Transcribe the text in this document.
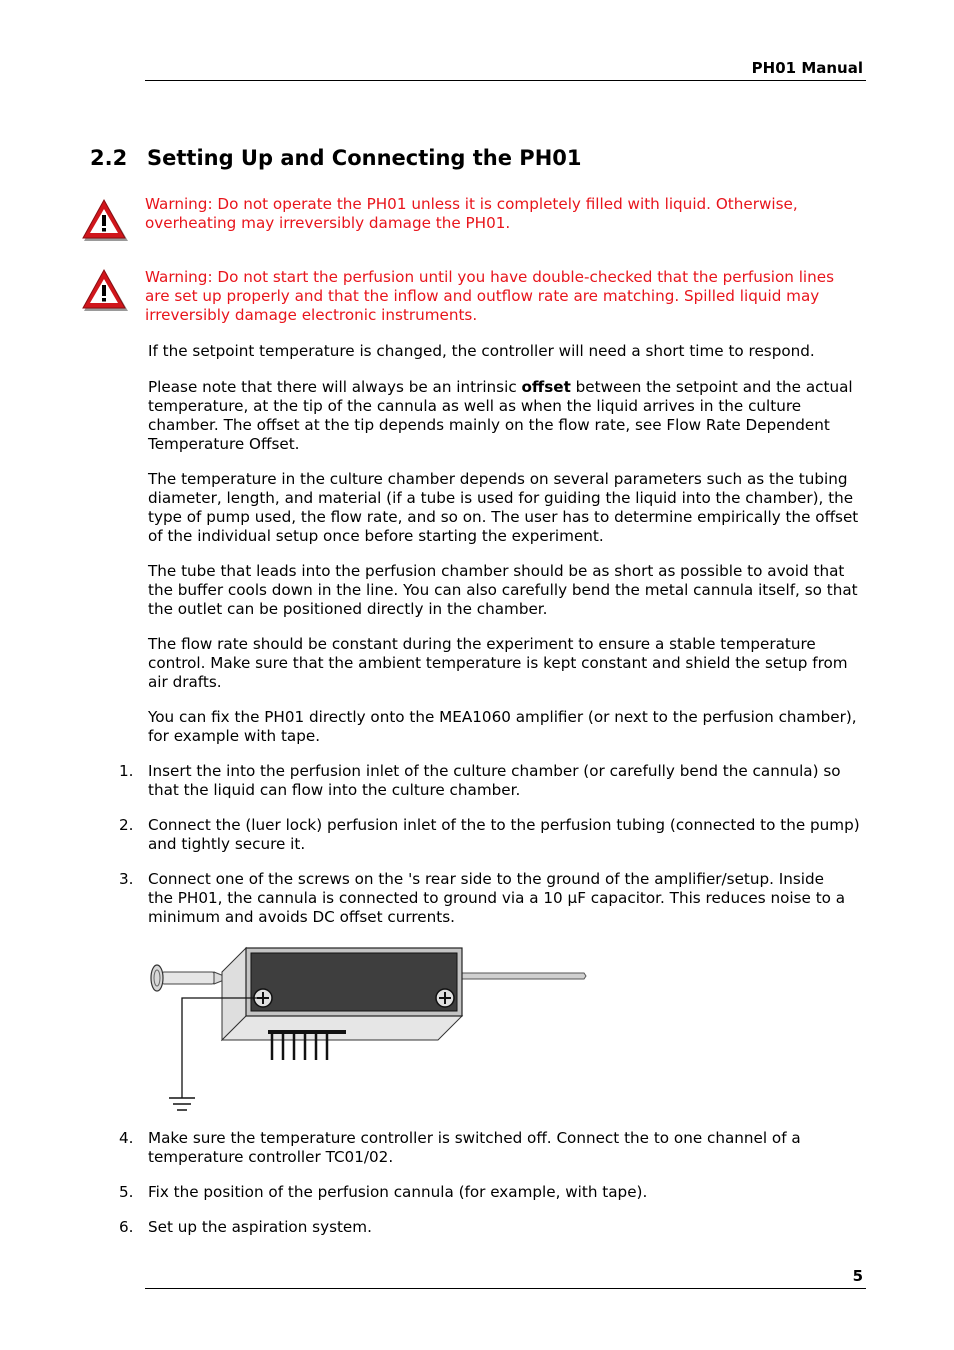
PH01 Manual
2.2 Setting Up and Connecting the PH01
Warning: Do not operate the PH01 unless it is completely filled with liquid. Otherwise, overheating may irreversibly damage the PH01.
Warning: Do not start the perfusion until you have double-checked that the perfusion lines are set up properly and that the inflow and outflow rate are matching. Spilled liquid may irreversibly damage electronic instruments.
If the setpoint temperature is changed, the controller will need a short time to respond.
Please note that there will always be an intrinsic offset between the setpoint and the actual temperature, at the tip of the cannula as well as when the liquid arrives in the culture chamber. The offset at the tip depends mainly on the flow rate, see Flow Rate Dependent Temperature Offset.
The temperature in the culture chamber depends on several parameters such as the tubing diameter, length, and material (if a tube is used for guiding the liquid into the chamber), the type of pump used, the flow rate, and so on. The user has to determine empirically the offset of the individual setup once before starting the experiment.
The tube that leads into the perfusion chamber should be as short as possible to avoid that the buffer cools down in the line. You can also carefully bend the metal cannula itself, so that the outlet can be positioned directly in the chamber.
The flow rate should be constant during the experiment to ensure a stable temperature control. Make sure that the ambient temperature is kept constant and shield the setup from air drafts.
You can fix the PH01 directly onto the MEA1060 amplifier (or next to the perfusion chamber), for example with tape.
1. Insert the into the perfusion inlet of the culture chamber (or carefully bend the cannula) so that the liquid can flow into the culture chamber.
2. Connect the (luer lock) perfusion inlet of the to the perfusion tubing (connected to the pump) and tightly secure it.
3. Connect one of the screws on the 's rear side to the ground of the amplifier/setup. Inside the PH01, the cannula is connected to ground via a 10 µF capacitor. This reduces noise to a minimum and avoids DC offset currents.
4. Make sure the temperature controller is switched off. Connect the to one channel of a temperature controller TC01/02.
5. Fix the position of the perfusion cannula (for example, with tape).
6. Set up the aspiration system.
5
